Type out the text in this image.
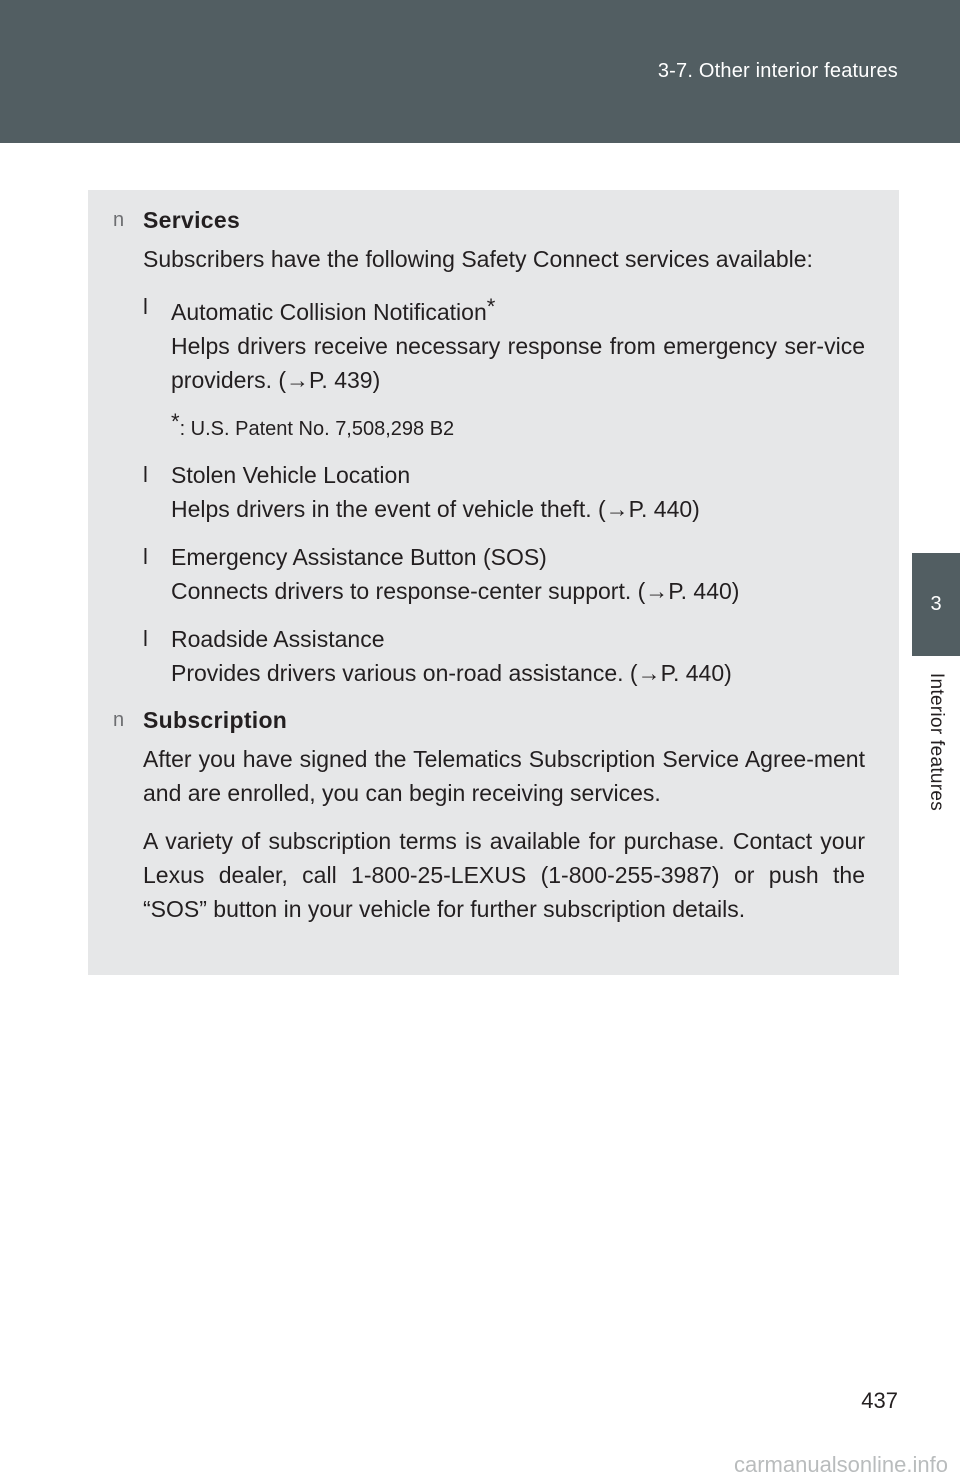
3-7. Other interior features
3
Interior features
n Services
Subscribers have the following Safety Connect services available:
l Automatic Collision Notification*
Helps drivers receive necessary response from emergency ser-vice providers. (→P. 439)
*: U.S. Patent No. 7,508,298 B2
l Stolen Vehicle Location
Helps drivers in the event of vehicle theft. (→P. 440)
l Emergency Assistance Button (SOS)
Connects drivers to response-center support. (→P. 440)
l Roadside Assistance
Provides drivers various on-road assistance. (→P. 440)
n Subscription
After you have signed the Telematics Subscription Service Agree-ment and are enrolled, you can begin receiving services.
A variety of subscription terms is available for purchase. Contact your Lexus dealer, call 1-800-25-LEXUS (1-800-255-3987) or push the “SOS” button in your vehicle for further subscription details.
437
carmanualsonline.info
